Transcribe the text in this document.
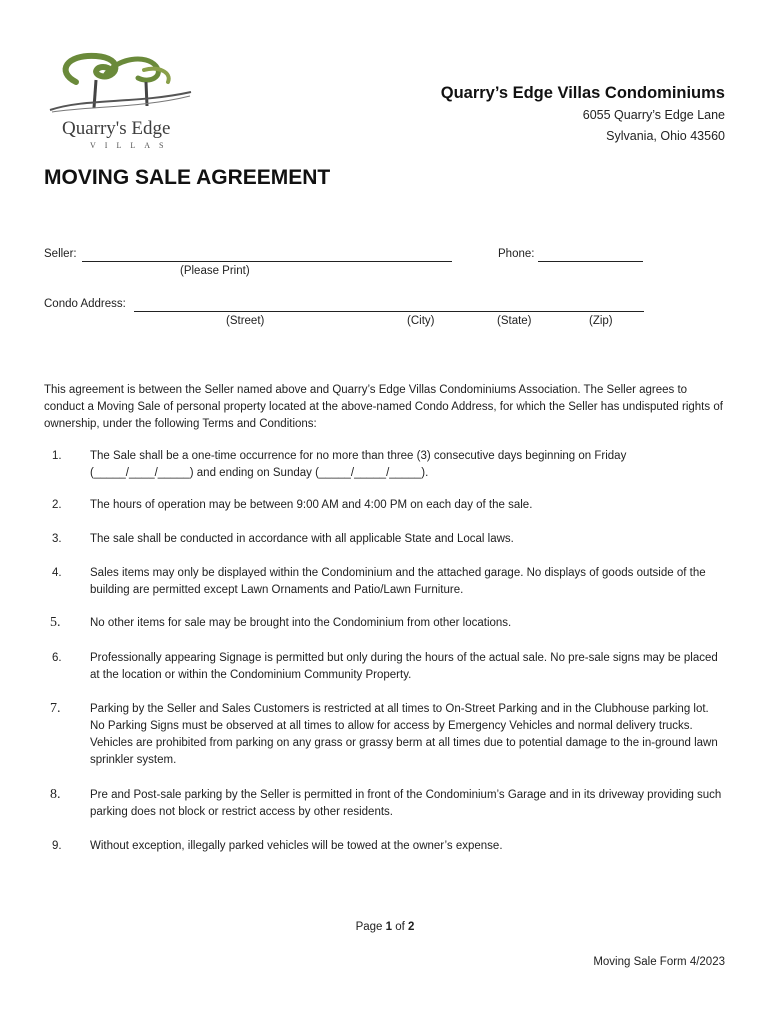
Quarry's Edge
VILLAS
Quarry’s Edge Villas Condominiums
6055 Quarry’s Edge Lane
Sylvania, Ohio 43560
MOVING SALE AGREEMENT
Seller:
(Please Print)
Phone:
Condo Address:
(Street)	(City)	(State)	(Zip)
This agreement is between the Seller named above and Quarry’s Edge Villas Condominiums Association. The Seller agrees to conduct a Moving Sale of personal property located at the above-named Condo Address, for which the Seller has undisputed rights of ownership, under the following Terms and Conditions:
1. The Sale shall be a one-time occurrence for no more than three (3) consecutive days beginning on Friday (_____/____/_____) and ending on Sunday (_____/_____/_____).
2. The hours of operation may be between 9:00 AM and 4:00 PM on each day of the sale.
3. The sale shall be conducted in accordance with all applicable State and Local laws.
4. Sales items may only be displayed within the Condominium and the attached garage. No displays of goods outside of the building are permitted except Lawn Ornaments and Patio/Lawn Furniture.
5.	No other items for sale may be brought into the Condominium from other locations.
6. Professionally appearing Signage is permitted but only during the hours of the actual sale. No pre-sale signs may be placed at the location or within the Condominium Community Property.
7.	Parking by the Seller and Sales Customers is restricted at all times to On-Street Parking and in the Clubhouse parking lot. No Parking Signs must be observed at all times to allow for access by Emergency Vehicles and normal delivery trucks. Vehicles are prohibited from parking on any grass or grassy berm at all times due to potential damage to the in-ground lawn sprinkler system.
8.	Pre and Post-sale parking by the Seller is permitted in front of the Condominium’s Garage and in its driveway providing such parking does not block or restrict access by other residents.
9. Without exception, illegally parked vehicles will be towed at the owner’s expense.
Page 1 of 2
Moving Sale Form 4/2023
